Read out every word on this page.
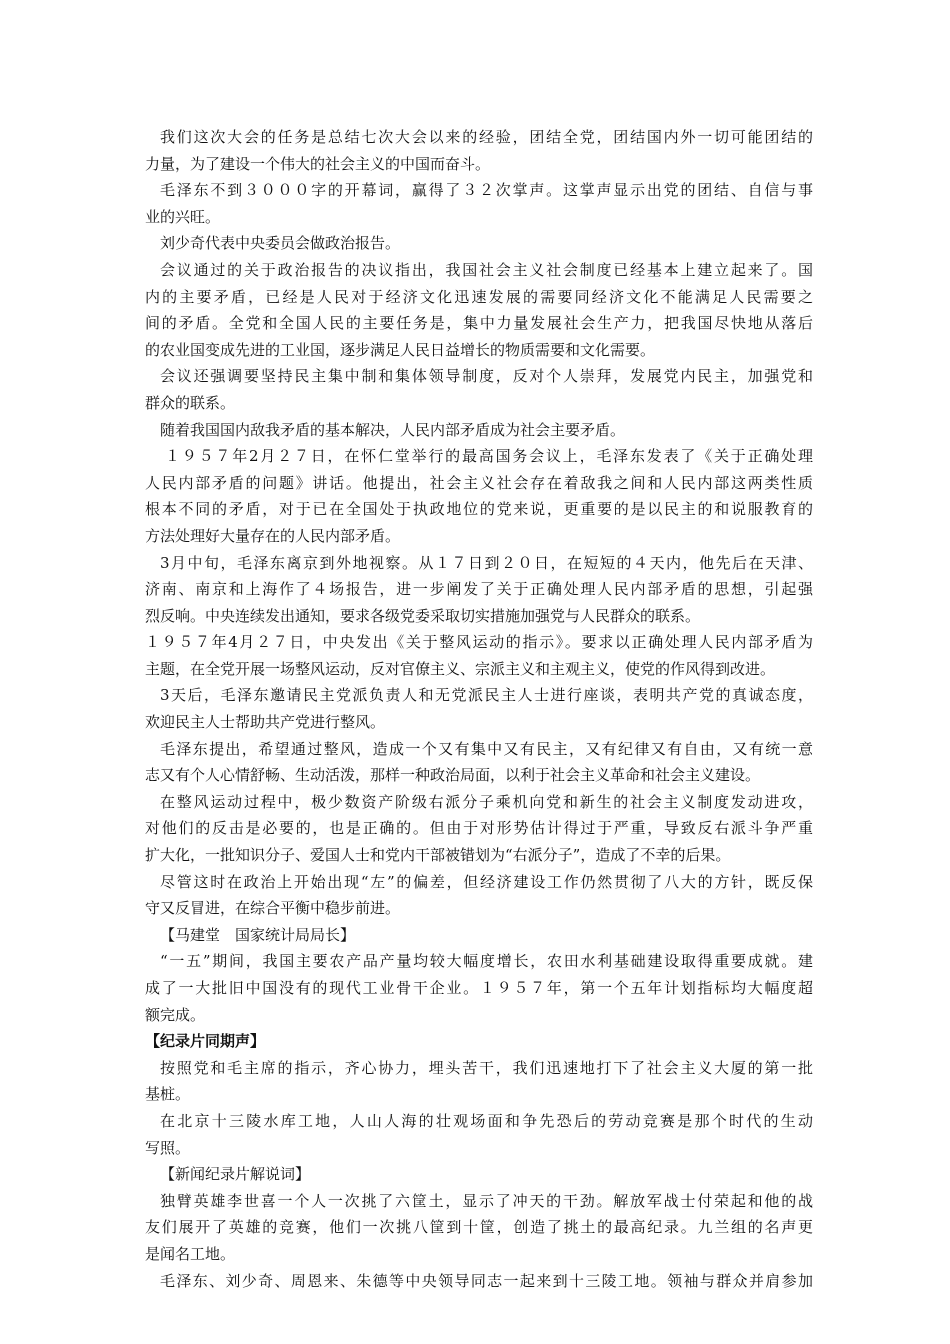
我们这次大会的任务是总结七次大会以来的经验，团结全党，团结国内外一切可能团结的
力量，为了建设一个伟大的社会主义的中国而奋斗。
毛泽东不到３０００字的开幕词，赢得了３２次掌声。这掌声显示出党的团结、自信与事
业的兴旺。
刘少奇代表中央委员会做政治报告。
会议通过的关于政治报告的决议指出，我国社会主义社会制度已经基本上建立起来了。国
内的主要矛盾，已经是人民对于经济文化迅速发展的需要同经济文化不能满足人民需要之
间的矛盾。全党和全国人民的主要任务是，集中力量发展社会生产力，把我国尽快地从落后
的农业国变成先进的工业国，逐步满足人民日益增长的物质需要和文化需要。
会议还强调要坚持民主集中制和集体领导制度，反对个人崇拜，发展党内民主，加强党和
群众的联系。
随着我国国内敌我矛盾的基本解决，人民内部矛盾成为社会主要矛盾。
１９５７年2月２７日，在怀仁堂举行的最高国务会议上，毛泽东发表了《关于正确处理
人民内部矛盾的问题》讲话。他提出，社会主义社会存在着敌我之间和人民内部这两类性质
根本不同的矛盾，对于已在全国处于执政地位的党来说，更重要的是以民主的和说服教育的
方法处理好大量存在的人民内部矛盾。
3月中旬，毛泽东离京到外地视察。从１７日到２０日，在短短的４天内，他先后在天津、
济南、南京和上海作了４场报告，进一步阐发了关于正确处理人民内部矛盾的思想，引起强
烈反响。中央连续发出通知，要求各级党委采取切实措施加强党与人民群众的联系。
１９５７年4月２７日，中央发出《关于整风运动的指示》。要求以正确处理人民内部矛盾为
主题，在全党开展一场整风运动，反对官僚主义、宗派主义和主观主义，使党的作风得到改进。
3天后，毛泽东邀请民主党派负责人和无党派民主人士进行座谈，表明共产党的真诚态度，
欢迎民主人士帮助共产党进行整风。
毛泽东提出，希望通过整风，造成一个又有集中又有民主，又有纪律又有自由，又有统一意
志又有个人心情舒畅、生动活泼，那样一种政治局面，以利于社会主义革命和社会主义建设。
在整风运动过程中，极少数资产阶级右派分子乘机向党和新生的社会主义制度发动进攻，
对他们的反击是必要的，也是正确的。但由于对形势估计得过于严重，导致反右派斗争严重
扩大化，一批知识分子、爱国人士和党内干部被错划为“右派分子”，造成了不幸的后果。
尽管这时在政治上开始出现“左”的偏差，但经济建设工作仍然贯彻了八大的方针，既反保
守又反冒进，在综合平衡中稳步前进。
【马建堂　国家统计局局长】
“一五”期间，我国主要农产品产量均较大幅度增长，农田水利基础建设取得重要成就。建
成了一大批旧中国没有的现代工业骨干企业。１９５７年，第一个五年计划指标均大幅度超
额完成。
【纪录片同期声】
按照党和毛主席的指示，齐心协力，埋头苦干，我们迅速地打下了社会主义大厦的第一批
基桩。
在北京十三陵水库工地，人山人海的壮观场面和争先恐后的劳动竞赛是那个时代的生动
写照。
【新闻纪录片解说词】
独臂英雄李世喜一个人一次挑了六筐土，显示了冲天的干劲。解放军战士付荣起和他的战
友们展开了英雄的竞赛，他们一次挑八筐到十筐，创造了挑土的最高纪录。九兰组的名声更
是闻名工地。
毛泽东、刘少奇、周恩来、朱德等中央领导同志一起来到十三陵工地。领袖与群众并肩参加
